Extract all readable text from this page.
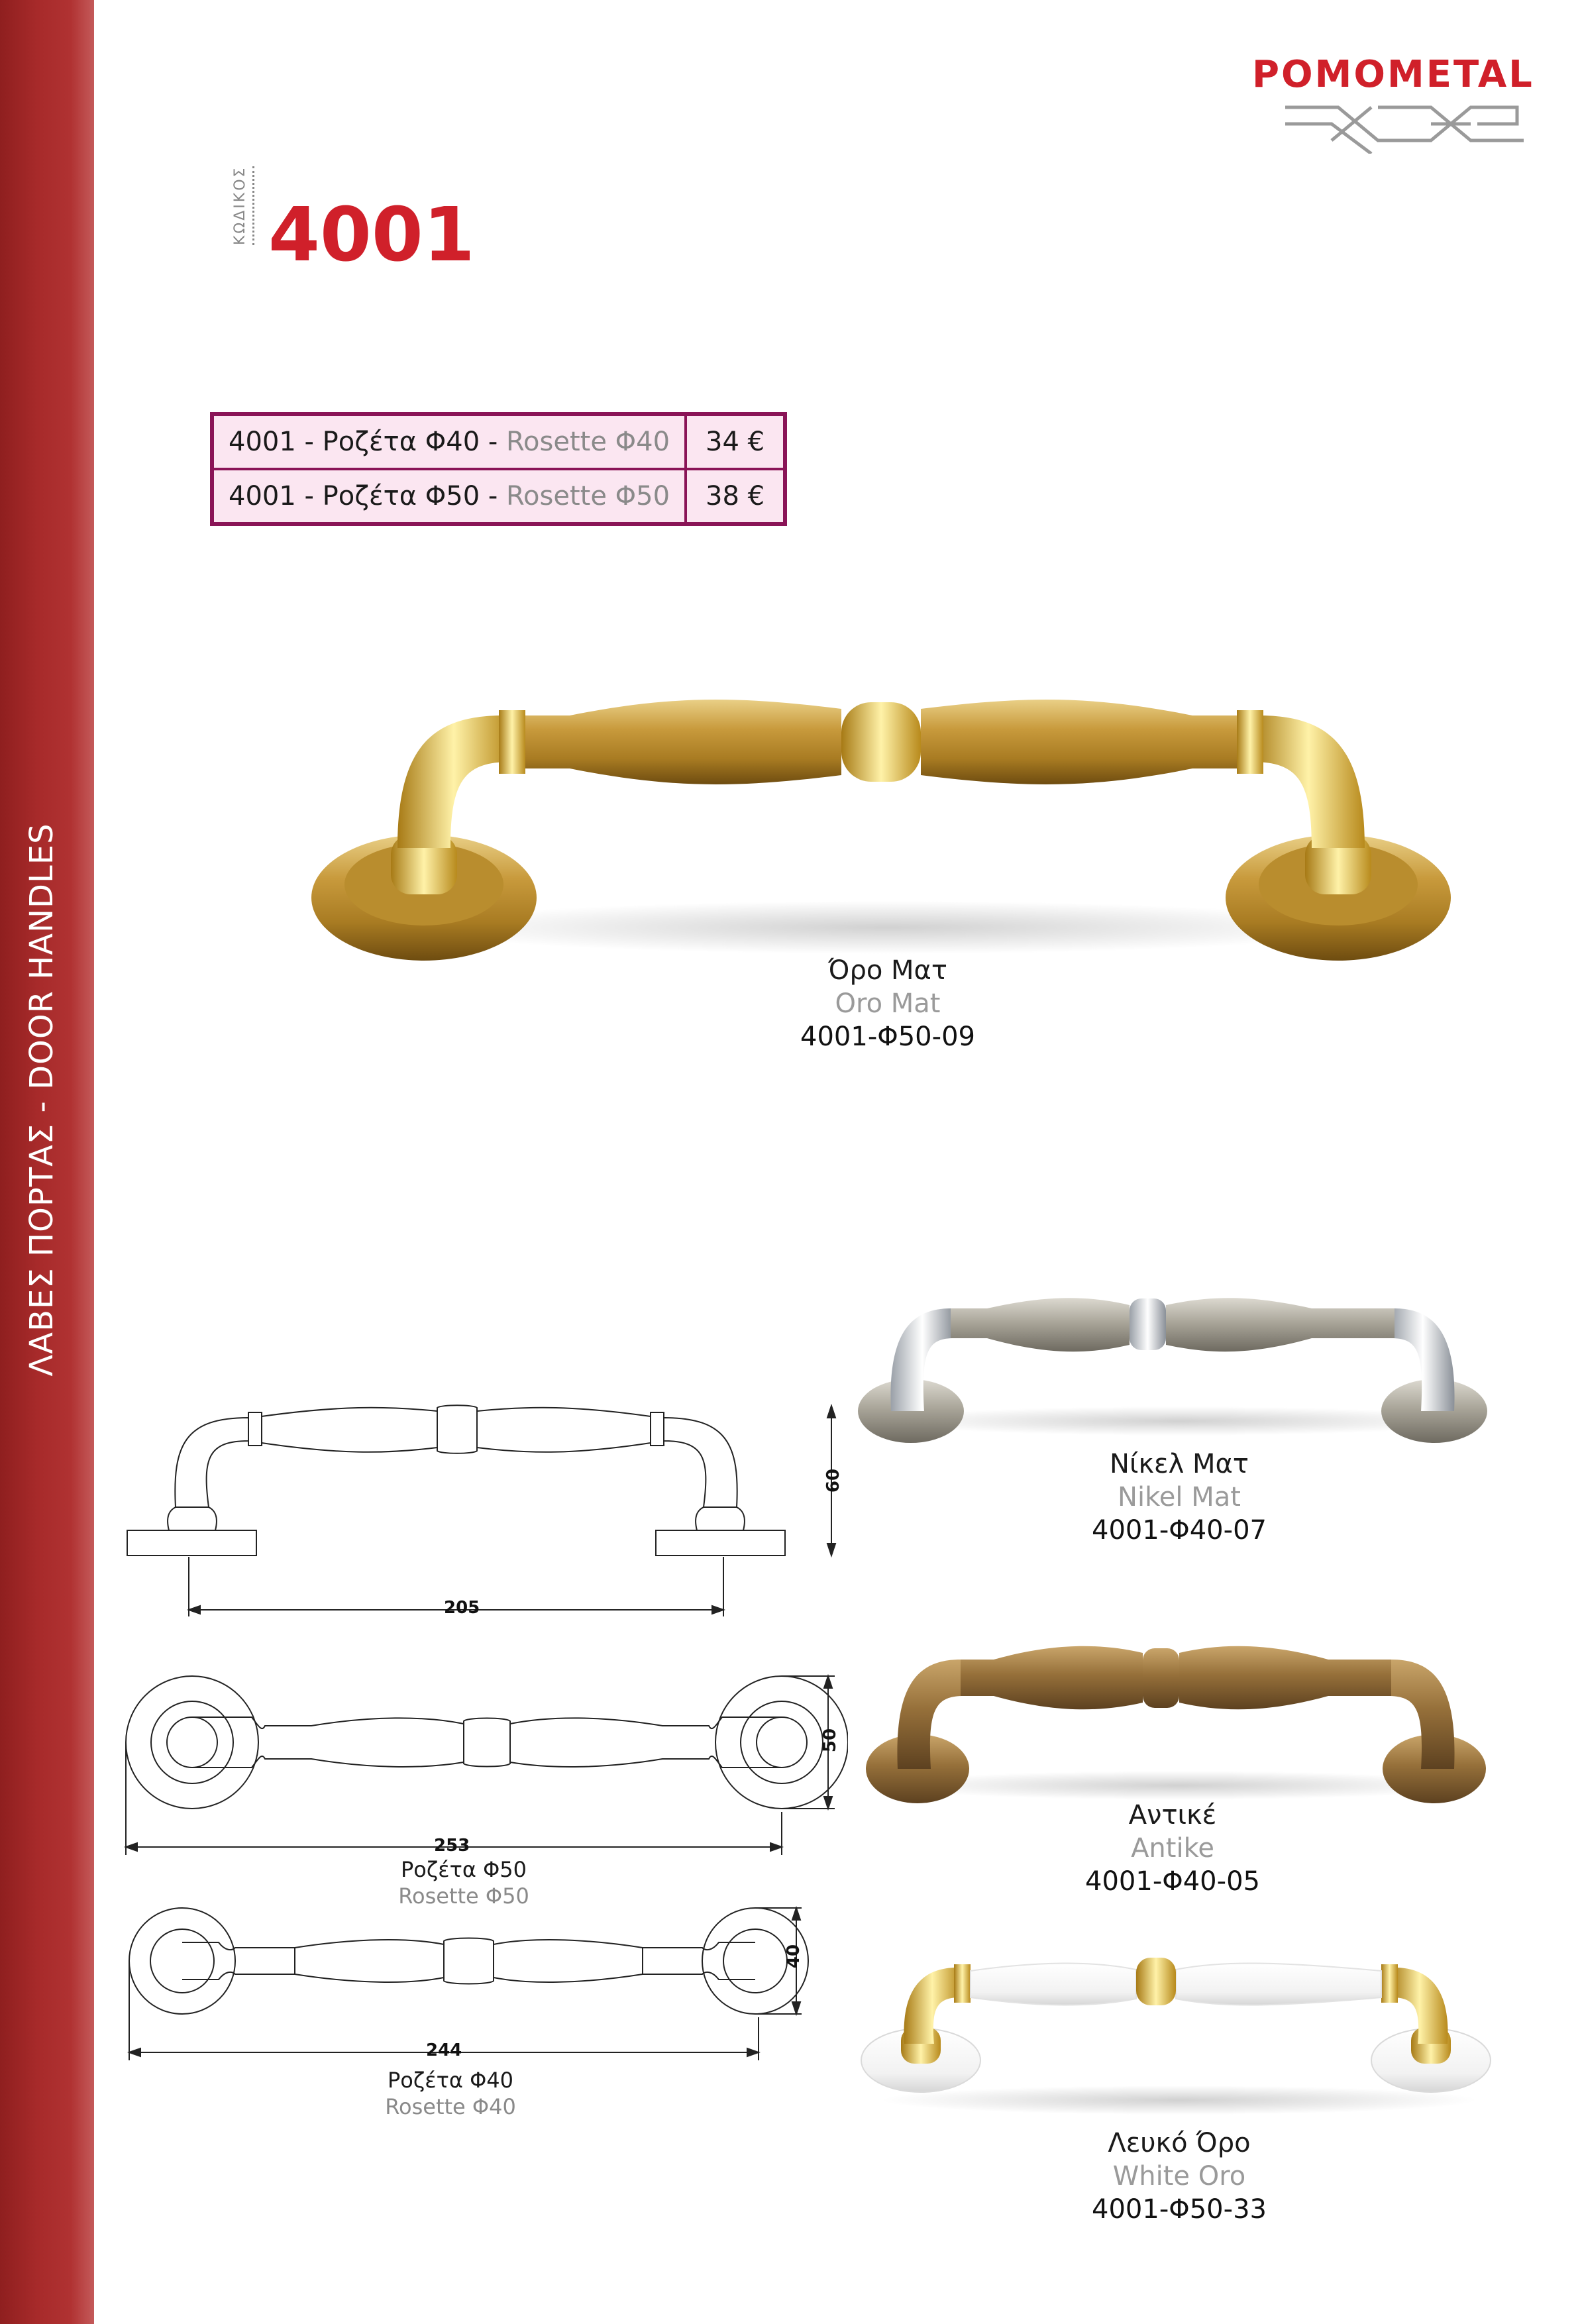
ΛΑΒΕΣ ΠΟΡΤΑΣ - DOOR HANDLES
POMOMETAL
ΚΩΔΙΚΟΣ 4001
4001 - Ροζέτα Φ40 - Rosette Φ40	34 €
4001 - Ροζέτα Φ50 - Rosette Φ50	38 €
Όρο Ματ
Oro Mat
4001-Φ50-09
Νίκελ Ματ
Nikel Mat
4001-Φ40-07
Αντικέ
Antike
4001-Φ40-05
Λευκό Όρο
White Oro
4001-Φ50-33
205
60
253
50
Ροζέτα Φ50
Rosette Φ50
244
40
Ροζέτα Φ40
Rosette Φ40
